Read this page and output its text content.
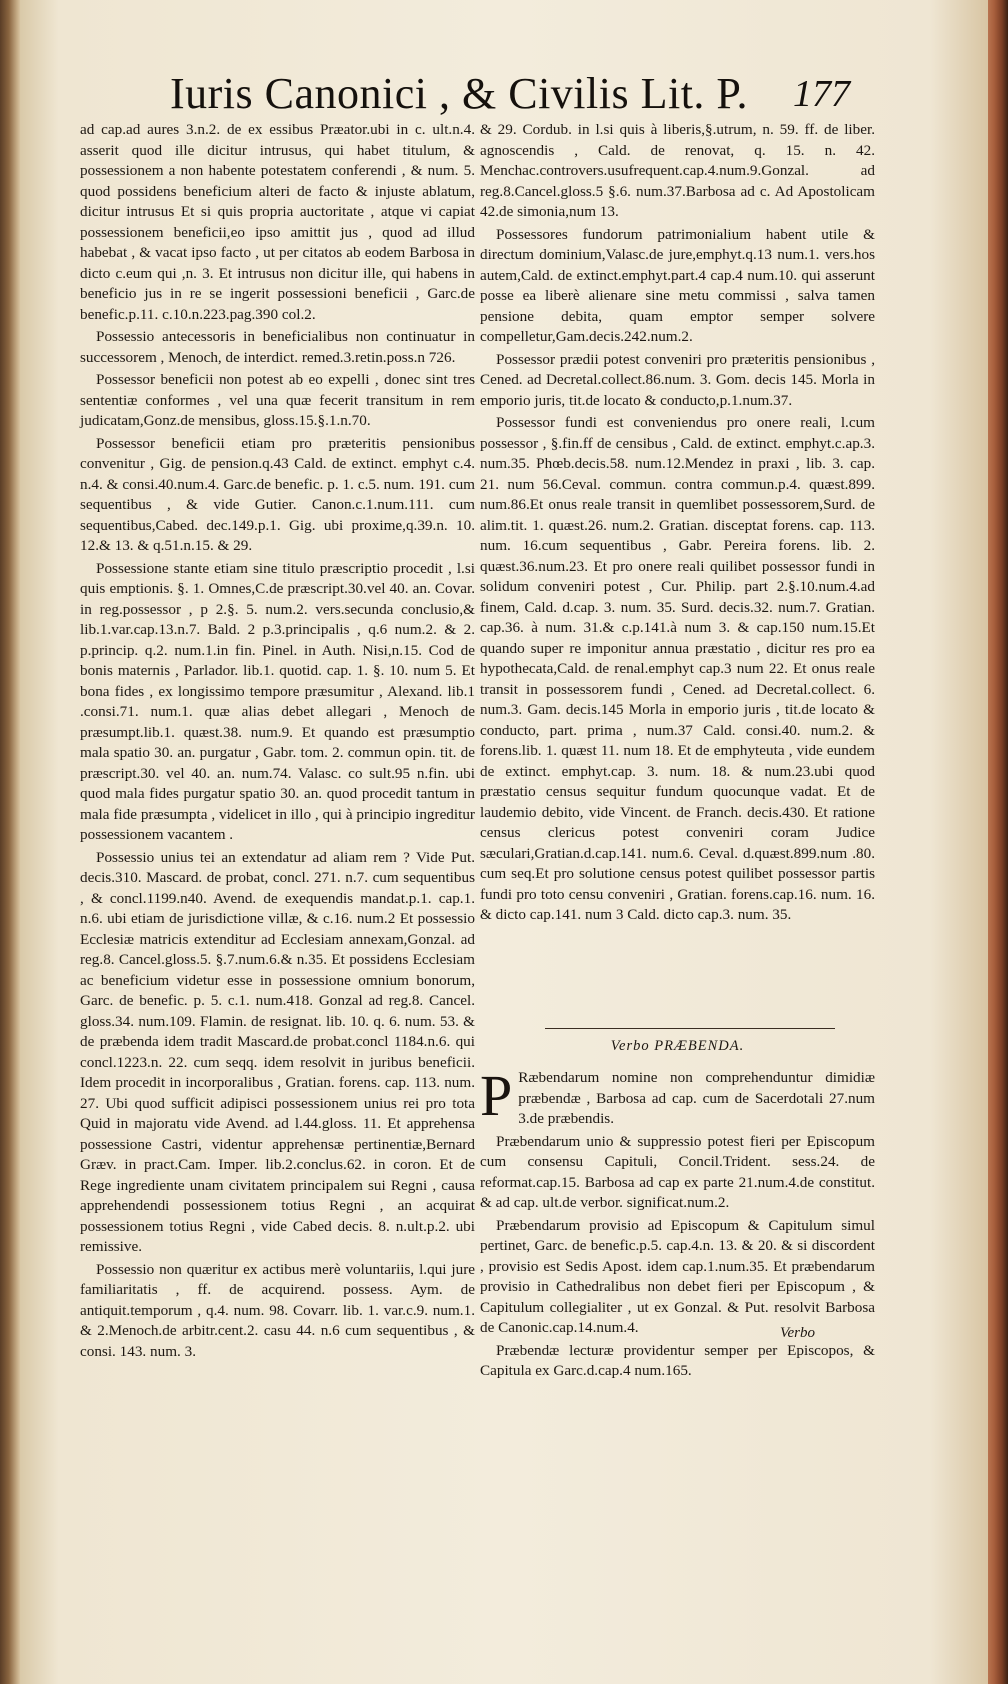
Iuris Canonici , & Civilis Lit. P. 177

ad cap.ad aures 3.n.2. de ex essibus Præator.ubi in c. ult.n.4. asserit quod ille dicitur intrusus, qui habet titulum, & possessionem a non habente potestatem conferendi , & num. 5. quod possidens beneficium alteri de facto & injuste ablatum, dicitur intrusus Et si quis propria auctoritate , atque vi capiat possessionem beneficii,eo ipso amittit jus , quod ad illud habebat , & vacat ipso facto , ut per citatos ab eodem Barbosa in dicto c.eum qui ,n. 3. Et intrusus non dicitur ille, qui habens in beneficio jus in re se ingerit possessioni beneficii , Garc.de benefic.p.11. c.10.n.223.pag.390 col.2.

Possessio antecessoris in beneficialibus non continuatur in successorem , Menoch, de interdict. remed.3.retin.poss.n 726.

Possessor beneficii non potest ab eo expelli , donec sint tres sententiæ conformes , vel una quæ fecerit transitum in rem judicatam,Gonz.de mensibus, gloss.15.§.1.n.70.

Possessor beneficii etiam pro præteritis pensionibus convenitur , Gig. de pension.q.43 Cald. de extinct. emphyt c.4. n.4. & consi.40.num.4. Garc.de benefic. p. 1. c.5. num. 191. cum sequentibus , & vide Gutier. Canon.c.1.num.111. cum sequentibus,Cabed. dec.149.p.1. Gig. ubi proxime,q.39.n. 10. 12.& 13. & q.51.n.15. & 29.

Possessione stante etiam sine titulo præscriptio procedit , l.si quis emptionis. §. 1. Omnes,C.de præscript.30.vel 40. an. Covar. in reg.possessor , p 2.§. 5. num.2. vers.secunda conclusio,& lib.1.var.cap.13.n.7. Bald. 2 p.3.principalis , q.6 num.2. & 2. p.princip. q.2. num.1.in fin. Pinel. in Auth. Nisi,n.15. Cod de bonis maternis , Parlador. lib.1. quotid. cap. 1. §. 10. num 5. Et bona fides , ex longissimo tempore præsumitur , Alexand. lib.1 .consi.71. num.1. quæ alias debet allegari , Menoch de præsumpt.lib.1. quæst.38. num.9. Et quando est præsumptio mala spatio 30. an. purgatur , Gabr. tom. 2. commun opin. tit. de præscript.30. vel 40. an. num.74. Valasc. co sult.95 n.fin. ubi quod mala fides purgatur spatio 30. an. quod procedit tantum in mala fide præsumpta , videlicet in illo , qui à principio ingreditur possessionem vacantem .

Possessio unius tei an extendatur ad aliam rem ? Vide Put. decis.310. Mascard. de probat, concl. 271. n.7. cum sequentibus , & concl.1199.n40. Avend. de exequendis mandat.p.1. cap.1. n.6. ubi etiam de jurisdictione villæ, & c.16. num.2 Et possessio Ecclesiæ matricis extenditur ad Ecclesiam annexam,Gonzal. ad reg.8. Cancel.gloss.5. §.7.num.6.& n.35. Et possidens Ecclesiam ac beneficium videtur esse in possessione omnium bonorum, Garc. de benefic. p. 5. c.1. num.418. Gonzal ad reg.8. Cancel. gloss.34. num.109. Flamin. de resignat. lib. 10. q. 6. num. 53. & de præbenda idem tradit Mascard.de probat.concl 1184.n.6. qui concl.1223.n. 22. cum seqq. idem resolvit in juribus beneficii. Idem procedit in incorporalibus , Gratian. forens. cap. 113. num. 27. Ubi quod sufficit adipisci possessionem unius rei pro tota Quid in majoratu vide Avend. ad l.44.gloss. 11. Et apprehensa possessione Castri, videntur apprehensæ pertinentiæ,Bernard Græv. in pract.Cam. Imper. lib.2.conclus.62. in coron. Et de Rege ingrediente unam civitatem principalem sui Regni , causa apprehendendi possessionem totius Regni , an acquirat possessionem totius Regni , vide Cabed decis. 8. n.ult.p.2. ubi remissive.

Possessio non quæritur ex actibus merè voluntariis, l.qui jure familiaritatis , ff. de acquirend. possess. Aym. de antiquit.temporum , q.4. num. 98. Covarr. lib. 1. var.c.9. num.1. & 2.Menoch.de arbitr.cent.2. casu 44. n.6 cum sequentibus , & consi. 143. num. 3.

& 29. Cordub. in l.si quis à liberis,§.utrum, n. 59. ff. de liber. agnoscendis , Cald. de renovat, q. 15. n. 42. Menchac.controvers.usufrequent.cap.4.num.9.Gonzal. ad reg.8.Cancel.gloss.5 §.6. num.37.Barbosa ad c. Ad Apostolicam 42.de simonia,num 13.

Possessores fundorum patrimonialium habent utile & directum dominium,Valasc.de jure,emphyt.q.13 num.1. vers.hos autem,Cald. de extinct.emphyt.part.4 cap.4 num.10. qui asserunt posse ea liberè alienare sine metu commissi , salva tamen pensione debita, quam emptor semper solvere compelletur,Gam.decis.242.num.2.

Possessor prædii potest conveniri pro præteritis pensionibus , Cened. ad Decretal.collect.86.num. 3. Gom. decis 145. Morla in emporio juris, tit.de locato & conducto,p.1.num.37.

Possessor fundi est conveniendus pro onere reali, l.cum possessor , §.fin.ff de censibus , Cald. de extinct. emphyt.c.ap.3. num.35. Phœb.decis.58. num.12.Mendez in praxi , lib. 3. cap. 21. num 56.Ceval. commun. contra commun.p.4. quæst.899. num.86.Et onus reale transit in quemlibet possessorem,Surd. de alim.tit. 1. quæst.26. num.2. Gratian. disceptat forens. cap. 113. num. 16.cum sequentibus , Gabr. Pereira forens. lib. 2. quæst.36.num.23. Et pro onere reali quilibet possessor fundi in solidum conveniri potest , Cur. Philip. part 2.§.10.num.4.ad finem, Cald. d.cap. 3. num. 35. Surd. decis.32. num.7. Gratian. cap.36. à num. 31.& c.p.141.à num 3. & cap.150 num.15.Et quando super re imponitur annua præstatio , dicitur res pro ea hypothecata,Cald. de renal.emphyt cap.3 num 22. Et onus reale transit in possessorem fundi , Cened. ad Decretal.collect. 6. num.3. Gam. decis.145 Morla in emporio juris , tit.de locato & conducto, part. prima , num.37 Cald. consi.40. num.2. & forens.lib. 1. quæst 11. num 18. Et de emphyteuta , vide eundem de extinct. emphyt.cap. 3. num. 18. & num.23.ubi quod præstatio census sequitur fundum quocunque vadat. Et de laudemio debito, vide Vincent. de Franch. decis.430. Et ratione census clericus potest conveniri coram Judice sæculari,Gratian.d.cap.141. num.6. Ceval. d.quæst.899.num .80. cum seq.Et pro solutione census potest quilibet possessor partis fundi pro toto censu conveniri , Gratian. forens.cap.16. num. 16. & dicto cap.141. num 3 Cald. dicto cap.3. num. 35.

Verbo PRÆBENDA.

P Ræbendarum nomine non comprehenduntur dimidiæ præbendæ , Barbosa ad cap. cum de Sacerdotali 27.num 3.de præbendis.

Præbendarum unio & suppressio potest fieri per Episcopum cum consensu Capituli, Concil.Trident. sess.24. de reformat.cap.15. Barbosa ad cap ex parte 21.num.4.de constitut. & ad cap. ult.de verbor. significat.num.2.

Præbendarum provisio ad Episcopum & Capitulum simul pertinet, Garc. de benefic.p.5. cap.4.n. 13. & 20. & si discordent , provisio est Sedis Apost. idem cap.1.num.35. Et præbendarum provisio in Cathedralibus non debet fieri per Episcopum , & Capitulum collegialiter , ut ex Gonzal. & Put. resolvit Barbosa de Canonic.cap.14.num.4.

Præbendæ lecturæ providentur semper per Episcopos, & Capitula ex Garc.d.cap.4 num.165.

Verbo
